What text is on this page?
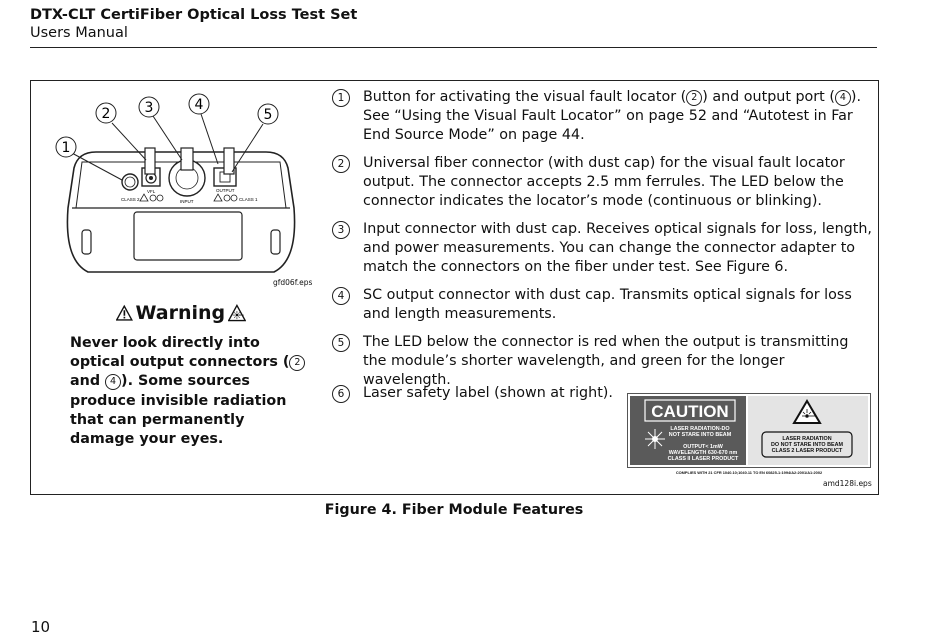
DTX-CLT CertiFiber Optical Loss Test Set
Users Manual
CLASS 2
VFL
INPUT
OUTPUT
CLASS 1
1
2 3	4
5
gfd06f.eps
Warning
Never look directly into optical output connectors ( 2 and 4 ). Some sources produce invisible radiation that can permanently damage your eyes.
1	Button for activating the visual fault locator ( 2 ) and output port ( 4 ). See “Using the Visual Fault Locator” on page 52 and “Autotest in Far End Source Mode” on page 44.
2	Universal fiber connector (with dust cap) for the visual fault locator output. The connector accepts 2.5 mm ferrules. The LED below the connector indicates the locator’s mode (continuous or blinking).
3	Input connector with dust cap. Receives optical signals for loss, length, and power measurements. You can change the connector adapter to match the connectors on the fiber under test. See Figure 6.
4	SC output connector with dust cap. Transmits optical signals for loss and length measurements.
5	The LED below the connector is red when the output is transmitting the module’s shorter wavelength, and green for the longer wavelength.
6	Laser safety label (shown at right).
CAUTION
LASER RADIATION-DO
NOT STARE INTO BEAM
OUTPUT< 1mW
WAVELENGTH 630-670 nm
CLASS II LASER PRODUCT
LASER RADIATION
DO NOT STARE INTO BEAM
CLASS 2 LASER PRODUCT
COMPLIES WITH 21 CFR 1040.10;1040.11 TO EN 60825-1:1994/A2:2001/A1:2002
amd128i.eps
Figure 4. Fiber Module Features
10
